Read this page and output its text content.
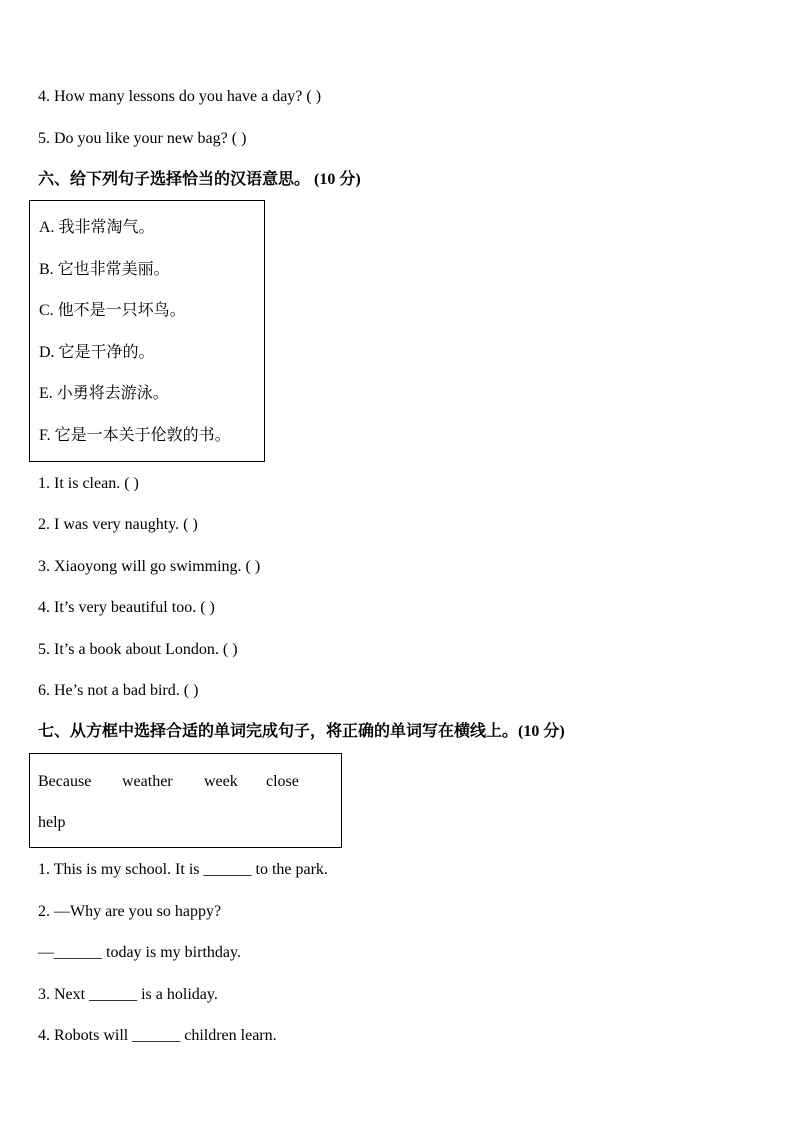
4. How many lessons do you have a day? ( )
5. Do you like your new bag? ( )
六、给下列句子选择恰当的汉语意思。 (10 分)
A. 我非常淘气。
B. 它也非常美丽。
C. 他不是一只坏鸟。
D. 它是干净的。
E. 小勇将去游泳。
F. 它是一本关于伦敦的书。
1. It is clean. ( )
2. I was very naughty. ( )
3. Xiaoyong will go swimming. ( )
4. It’s very beautiful too. ( )
5. It’s a book about London. ( )
6. He’s not a bad bird. ( )
七、从方框中选择合适的单词完成句子，将正确的单词写在横线上。(10 分)
Because weather week close
help
1. This is my school. It is ______ to the park.
2. —Why are you so happy?
—______ today is my birthday.
3. Next ______ is a holiday.
4. Robots will ______ children learn.
